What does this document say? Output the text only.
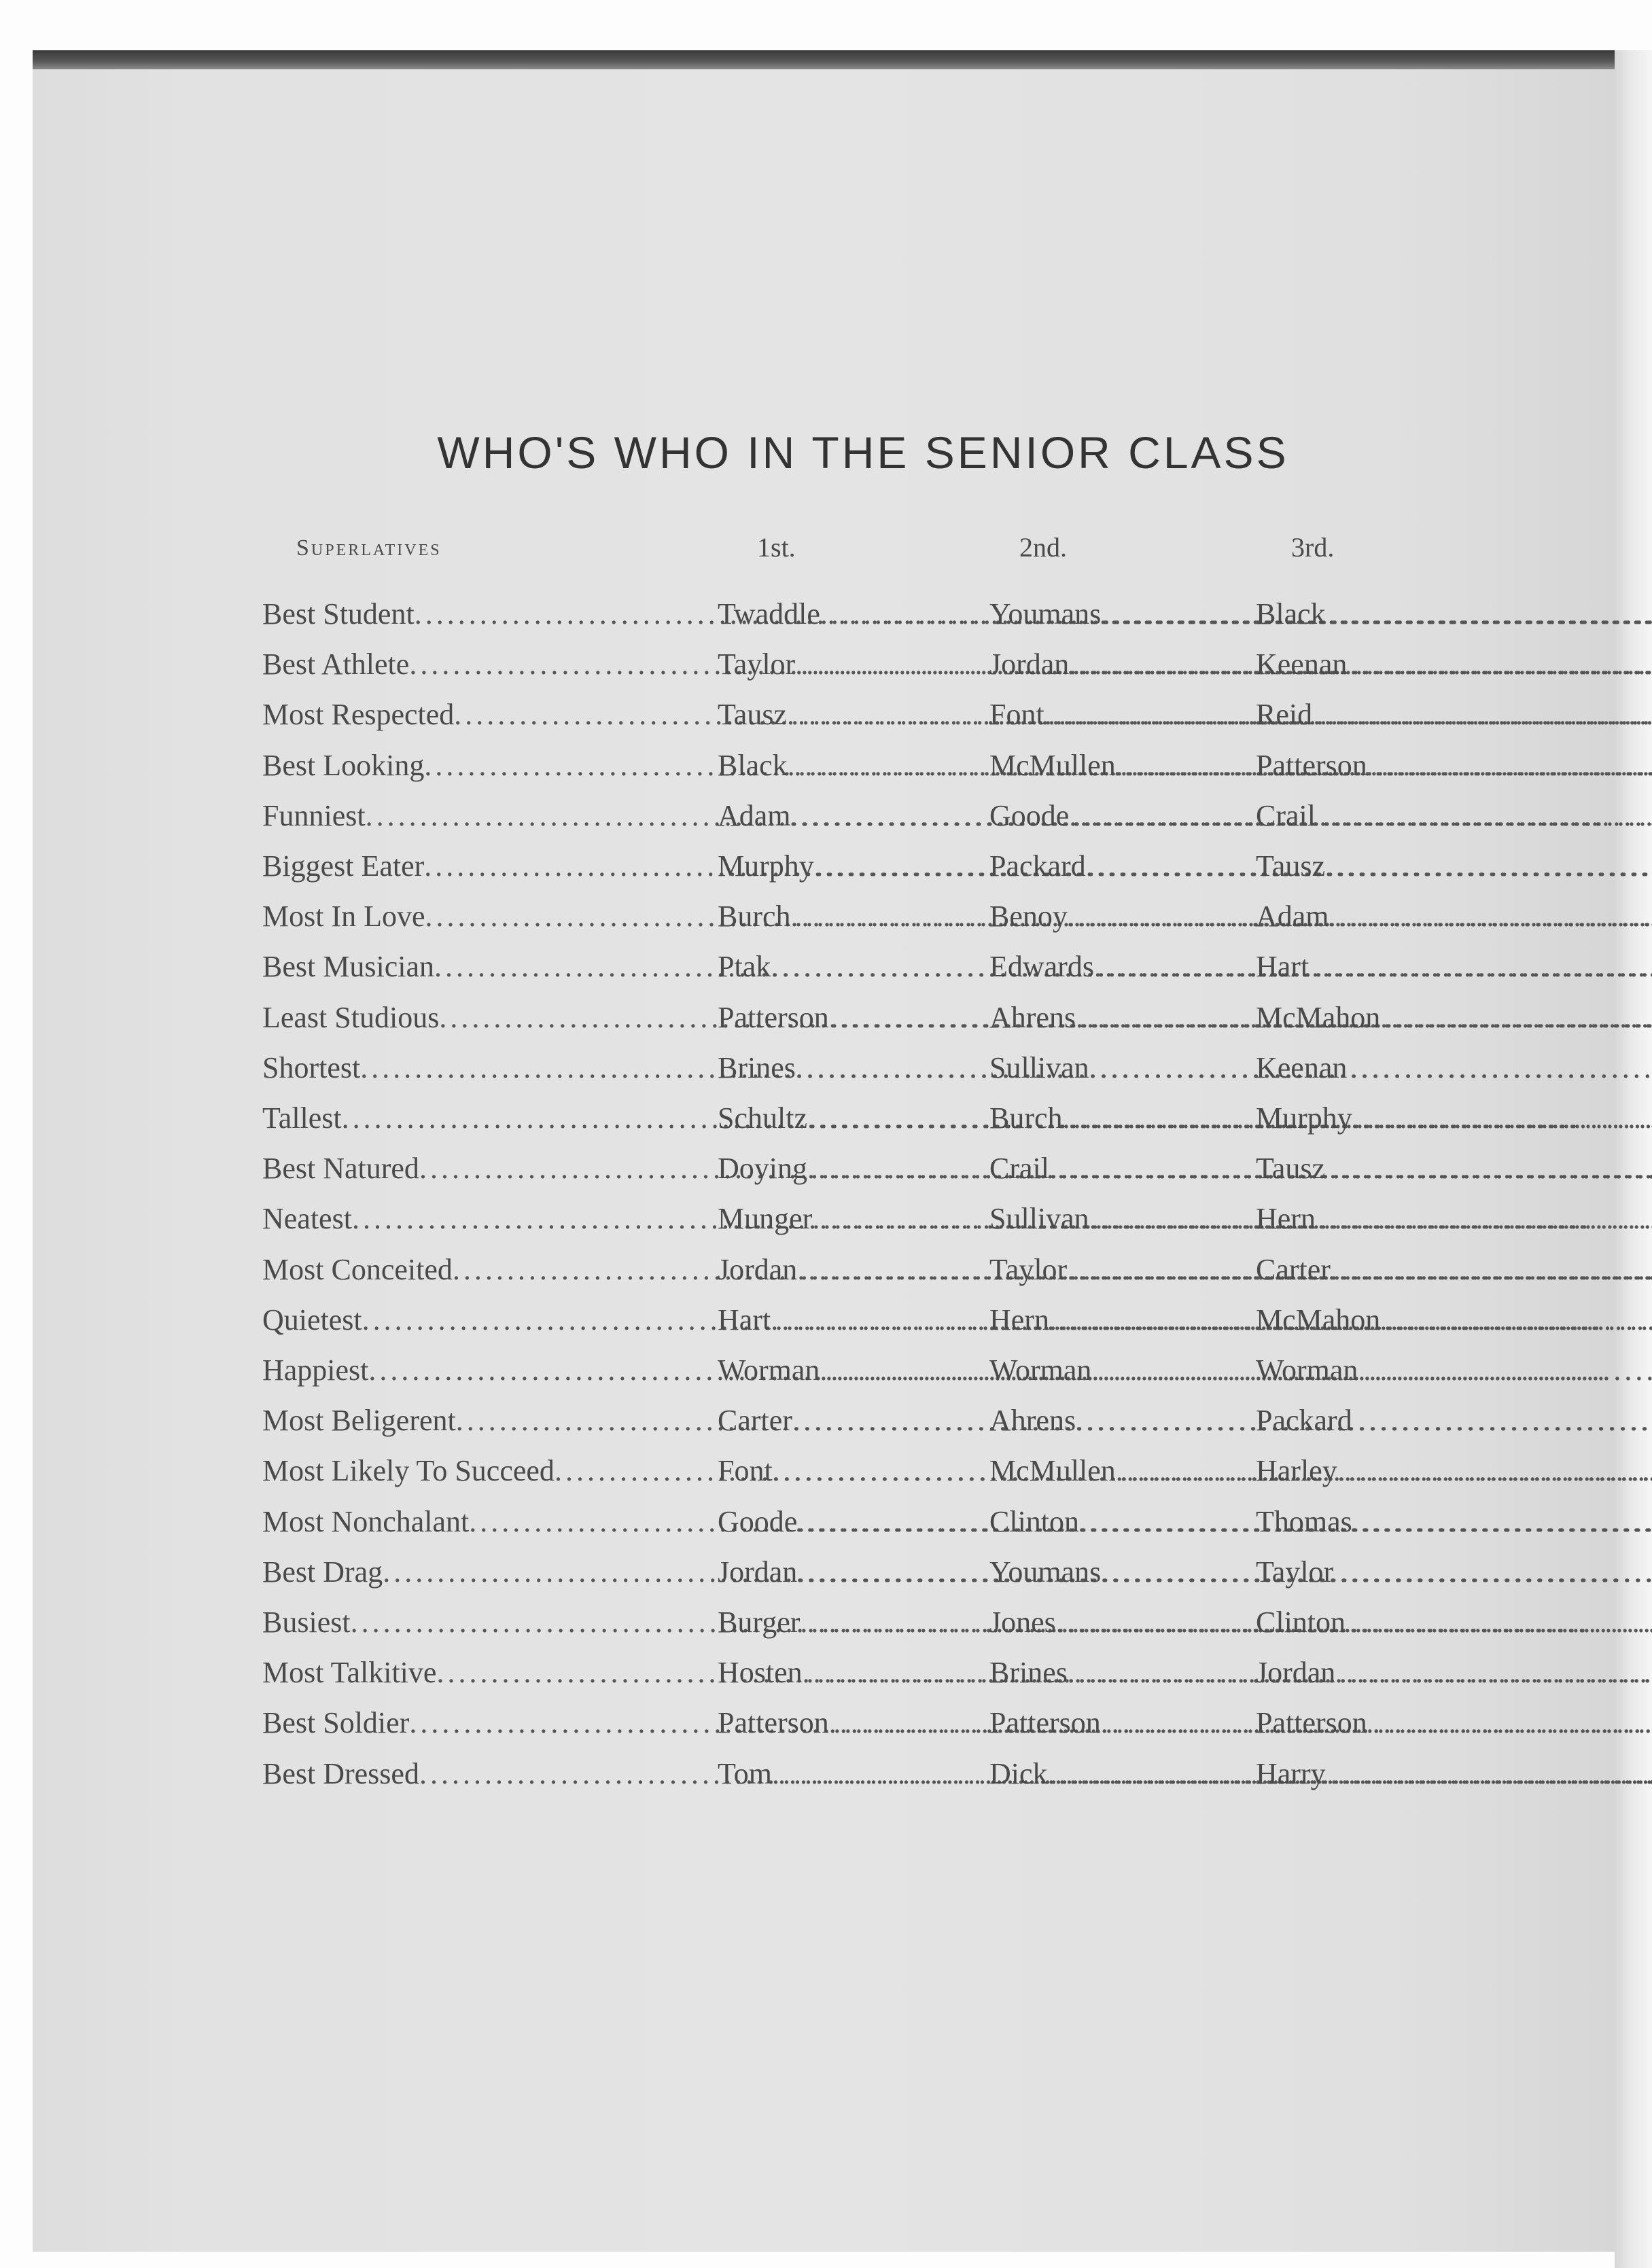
WHO'S WHO IN THE SENIOR CLASS
Superlatives	1st.	2nd.	3rd.
Best Student .....	Twaddle .....	Youmans .....	Black
Best Athlete .....	Taylor .....	Jordan .....	Keenan
Most Respected .....	Tausz .....	Font .....	Reid
Best Looking .....	Black .....	McMullen .....	Patterson
Funniest .....	Adam .....	Goode .....	Crail
Biggest Eater .....	Murphy .....	Packard .....	Tausz
Most In Love .....	Burch .....	Benoy .....	Adam
Best Musician .....	Ptak .....	Edwards .....	Hart
Least Studious .....	Patterson .....	Ahrens .....	McMahon
Shortest .....	Brines .....	Sullivan .....	Keenan
Tallest .....	Schultz .....	Burch .....	Murphy
Best Natured .....	Doying .....	Crail .....	Tausz
Neatest .....	Munger .....	Sullivan .....	Hern
Most Conceited .....	Jordan .....	Taylor .....	Carter
Quietest .....	Hart .....	Hern .....	McMahon
Happiest .....	Worman .....	Worman .....	Worman
Most Beligerent .....	Carter .....	Ahrens .....	Packard
Most Likely To Succeed .....	Font .....	McMullen .....	Harley
Most Nonchalant .....	Goode .....	Clinton .....	Thomas
Best Drag .....	Jordan .....	Youmans .....	Taylor
Busiest .....	Burger .....	Jones .....	Clinton
Most Talkitive .....	Hosten .....	Brines .....	Jordan
Best Soldier .....	Patterson .....	Patterson .....	Patterson
Best Dressed .....	Tom .....	Dick .....	Harry
